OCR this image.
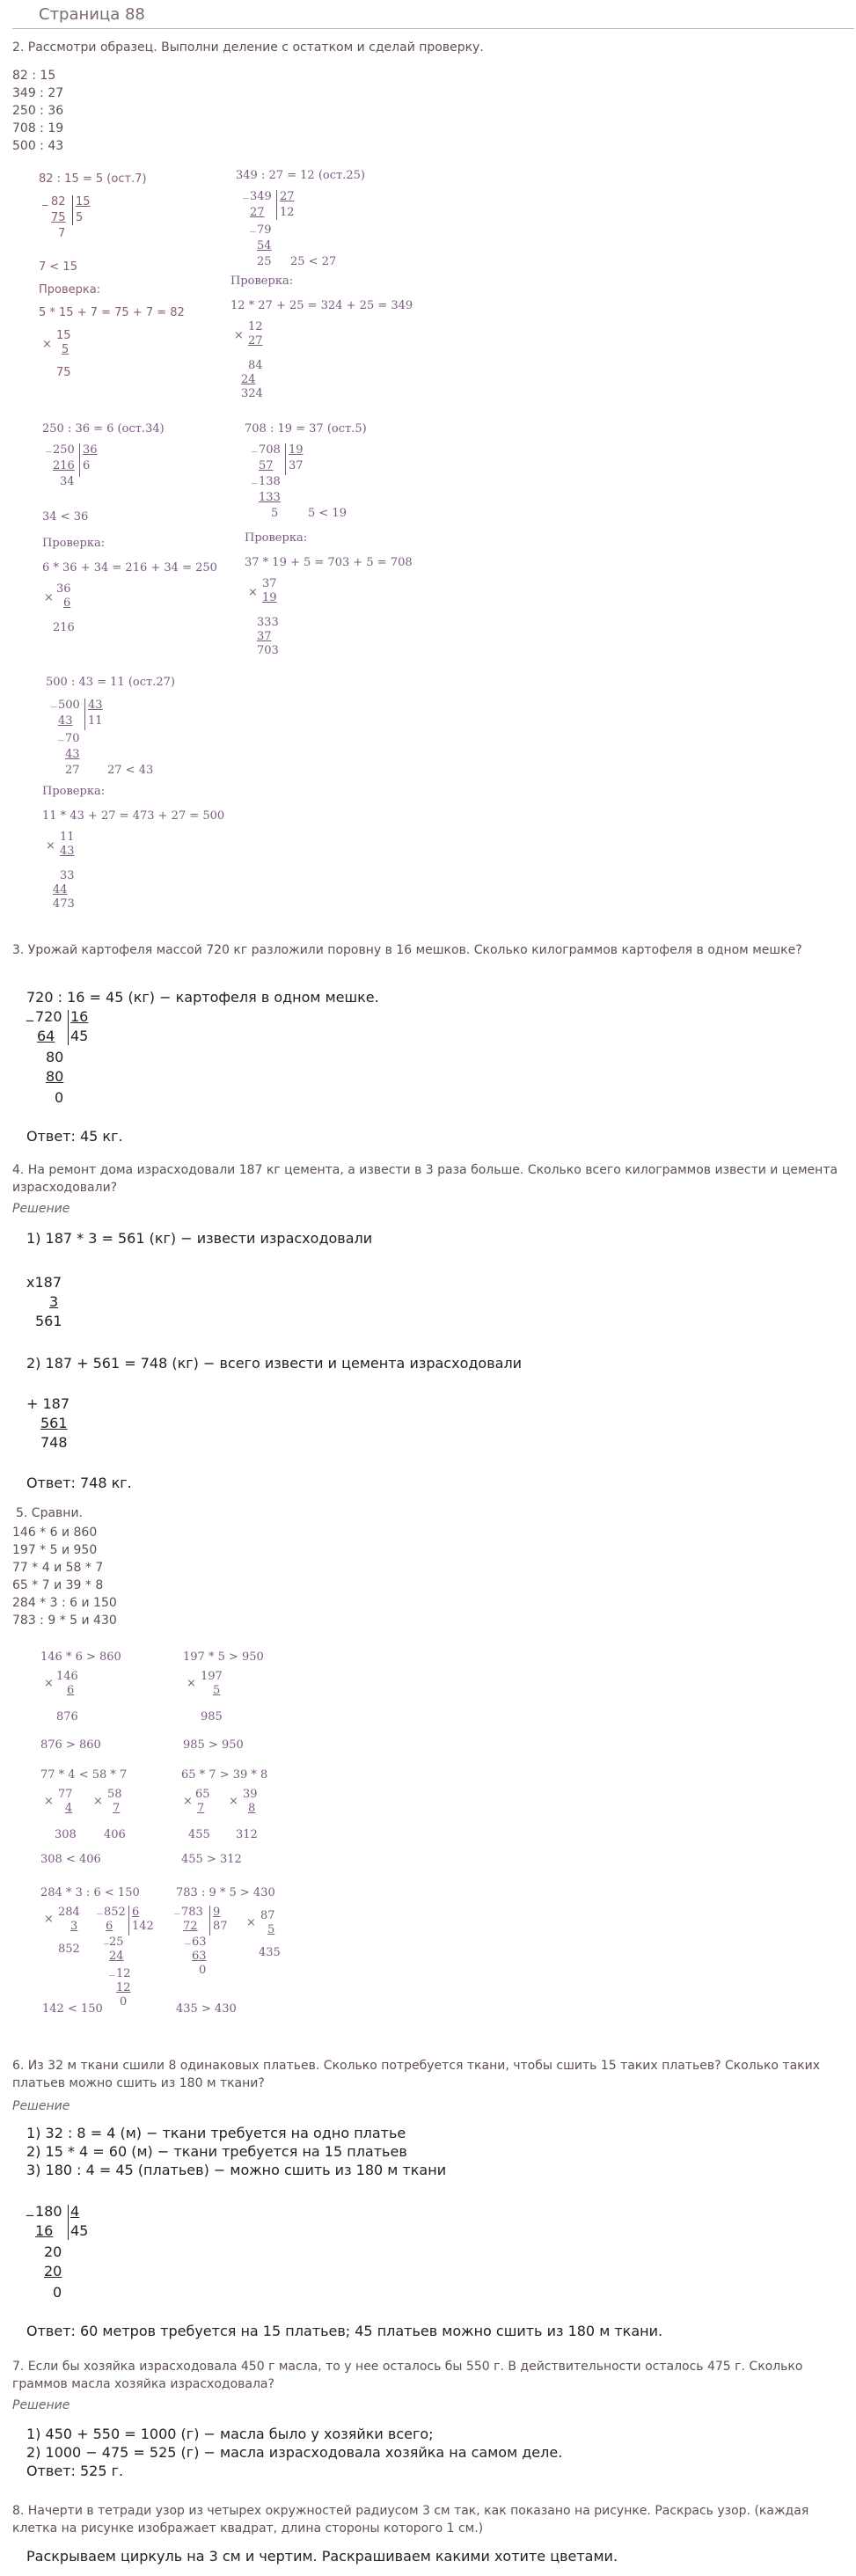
Страница 88
2. Рассмотри образец. Выполни деление с остатком и сделай проверку.
82 : 15
349 : 27
250 : 36
708 : 19
500 : 43
82 : 15 = 5 (ост.7)
_ 82 15
75 5
7
7 < 15
Проверка:
5 * 15 + 7 = 75 + 7 = 82
×
15
5
75
349 : 27 = 12 (ост.25)
_ 349 27
27 12
_ 79
54
25 25 < 27
Проверка:
12 * 27 + 25 = 324 + 25 = 349
×
12
27
84
24
324
250 : 36 = 6 (ост.34)
_ 250 36
216 6
34
34 < 36
Проверка:
6 * 36 + 34 = 216 + 34 = 250
×
36
6
216
708 : 19 = 37 (ост.5)
_ 708 19
57 37
_ 138
133
5	5 < 19
Проверка:
37 * 19 + 5 = 703 + 5 = 708
×
37
19
333
37
703
500 : 43 = 11 (ост.27)
_ 500 43
43 11
_ 70
43
27 27 < 43
Проверка:
11 * 43 + 27 = 473 + 27 = 500
×
11
43
33
44
473
3. Урожай картофеля массой 720 кг разложили поровну в 16 мешков. Сколько килограммов картофеля в одном мешке?
720 : 16 = 45 (кг) − картофеля в одном мешке.
_ 720 16
64 45
80
80
0
Ответ: 45 кг.
4. На ремонт дома израсходовали 187 кг цемента, а извести в 3 раза больше. Сколько всего килограммов извести и цемента израсходовали?
Решение
1) 187 * 3 = 561 (кг) − извести израсходовали
x187
3
561
2) 187 + 561 = 748 (кг) − всего извести и цемента израсходовали
+ 187
561
748
Ответ: 748 кг.
5. Сравни.
146 * 6 и 860
197 * 5 и 950
77 * 4 и 58 * 7
65 * 7 и 39 * 8
284 * 3 : 6 и 150
783 : 9 * 5 и 430
146 * 6 > 860
×
146
6
876
876 > 860
197 * 5 > 950
×
197
5
985
985 > 950
77 * 4 < 58 * 7
×
77
4
308
×
58
7
406
308 < 406
65 * 7 > 39 * 8
×
65
7
455
×
39
8
312
455 > 312
284 * 3 : 6 < 150
×
284
3
852
_ 852 6
142
6
_ 25
24
_ 12
12
0
142 < 150
783 : 9 * 5 > 430
_ 783 9
72 87
_ 63
63
0
×
87
5
435
435 > 430
6. Из 32 м ткани сшили 8 одинаковых платьев. Сколько потребуется ткани, чтобы сшить 15 таких платьев? Сколько таких платьев можно сшить из 180 м ткани?
Решение
1) 32 : 8 = 4 (м) − ткани требуется на одно платье
2) 15 * 4 = 60 (м) − ткани требуется на 15 платьев
3) 180 : 4 = 45 (платьев) − можно сшить из 180 м ткани
_ 180 4
16 45
20
20
0
Ответ: 60 метров требуется на 15 платьев; 45 платьев можно сшить из 180 м ткани.
7. Если бы хозяйка израсходовала 450 г масла, то у нее осталось бы 550 г. В действительности осталось 475 г. Сколько граммов масла хозяйка израсходовала?
Решение
1) 450 + 550 = 1000 (г) − масла было у хозяйки всего;
2) 1000 − 475 = 525 (г) − масла израсходовала хозяйка на самом деле.
Ответ: 525 г.
8. Начерти в тетради узор из четырех окружностей радиусом 3 см так, как показано на рисунке. Раскрась узор. (каждая клетка на рисунке изображает квадрат, длина стороны которого 1 см.)
Раскрываем циркуль на 3 см и чертим. Раскрашиваем какими хотите цветами.
